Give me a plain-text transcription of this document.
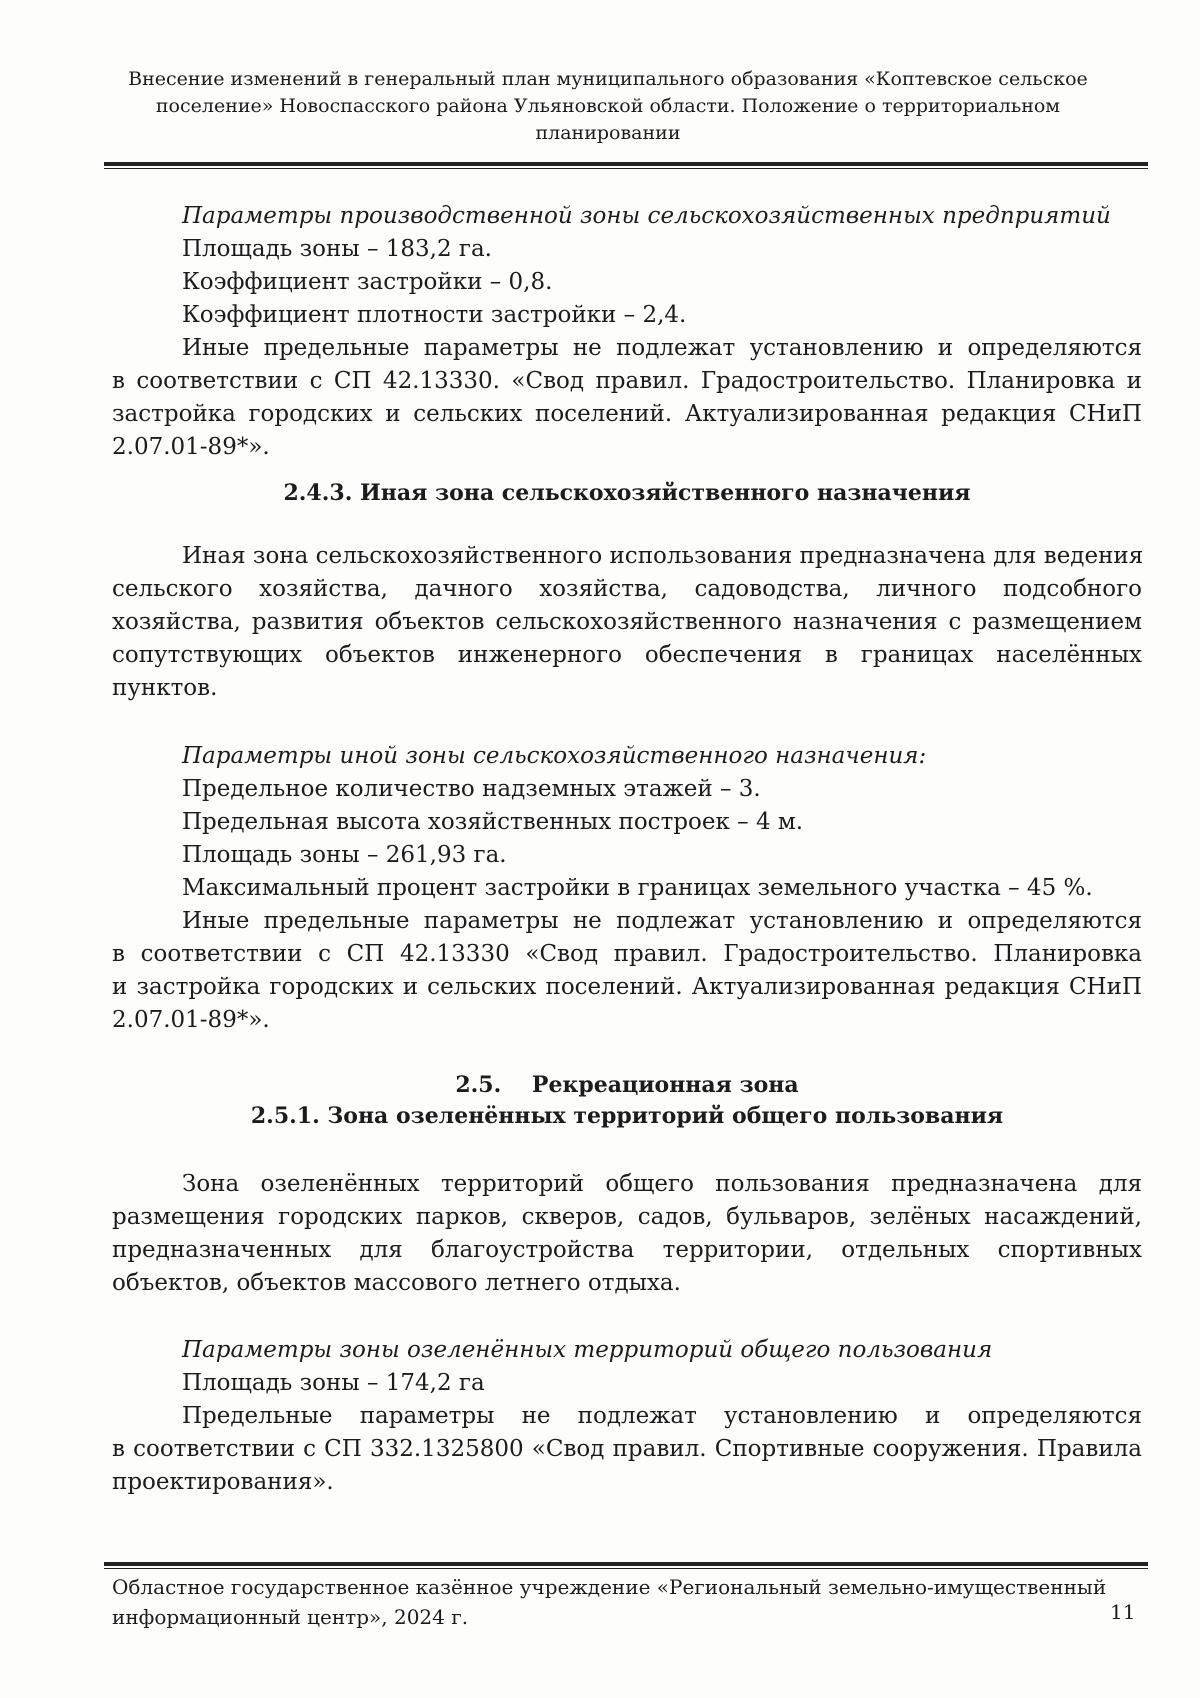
Внесение изменений в генеральный план муниципального образования «Коптевское сельское
поселение» Новоспасского района Ульяновской области. Положение о территориальном
планировании
Параметры производственной зоны сельскохозяйственных предприятий
Площадь зоны – 183,2 га.
Коэффициент застройки – 0,8.
Коэффициент плотности застройки – 2,4.
Иные предельные параметры не подлежат установлению и определяются
в соответствии с СП 42.13330. «Свод правил. Градостроительство. Планировка и
застройка городских и сельских поселений. Актуализированная редакция СНиП
2.07.01-89*».
2.4.3. Иная зона сельскохозяйственного назначения
Иная зона сельскохозяйственного использования предназначена для ведения
сельского хозяйства, дачного хозяйства, садоводства, личного подсобного
хозяйства, развития объектов сельскохозяйственного назначения с размещением
сопутствующих объектов инженерного обеспечения в границах населённых
пунктов.
Параметры иной зоны сельскохозяйственного назначения:
Предельное количество надземных этажей – 3.
Предельная высота хозяйственных построек – 4 м.
Площадь зоны – 261,93 га.
Максимальный процент застройки в границах земельного участка – 45 %.
Иные предельные параметры не подлежат установлению и определяются
в соответствии с СП 42.13330 «Свод правил. Градостроительство. Планировка
и застройка городских и сельских поселений. Актуализированная редакция СНиП
2.07.01-89*».
2.5.    Рекреационная зона
2.5.1. Зона озеленённых территорий общего пользования
Зона озеленённых территорий общего пользования предназначена для
размещения городских парков, скверов, садов, бульваров, зелёных насаждений,
предназначенных для благоустройства территории, отдельных спортивных
объектов, объектов массового летнего отдыха.
Параметры зоны озеленённых территорий общего пользования
Площадь зоны – 174,2 га
Предельные параметры не подлежат установлению и определяются
в соответствии с СП 332.1325800 «Свод правил. Спортивные сооружения. Правила
проектирования».
Областное государственное казённое учреждение «Региональный земельно-имущественный
информационный центр», 2024 г.	11
